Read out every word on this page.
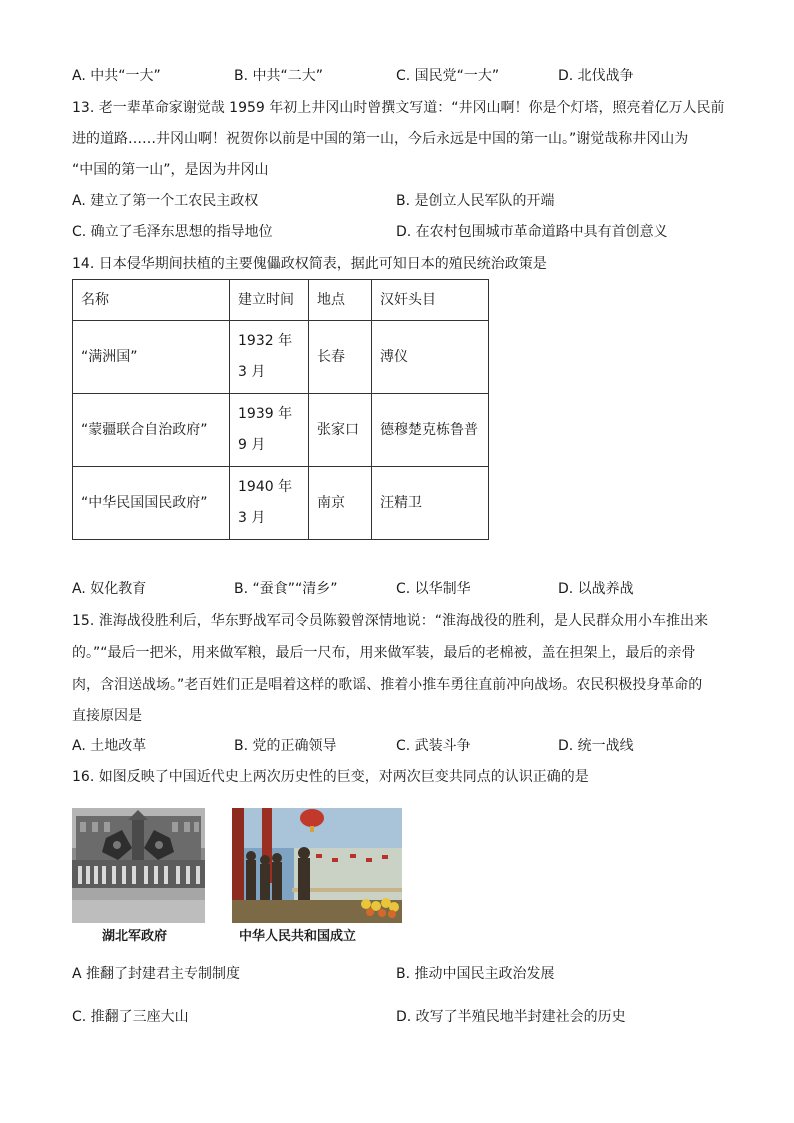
A. 中共“一大”	B. 中共“二大”	C. 国民党“一大”	D. 北伐战争
13. 老一辈革命家谢觉哉 1959 年初上井冈山时曾撰文写道：“井冈山啊！你是个灯塔，照亮着亿万人民前
进的道路……井冈山啊！祝贺你以前是中国的第一山，今后永远是中国的第一山。”谢觉哉称井冈山为
“中国的第一山”，是因为井冈山
A. 建立了第一个工农民主政权	B. 是创立人民军队的开端
C. 确立了毛泽东思想的指导地位	D. 在农村包围城市革命道路中具有首创意义
14. 日本侵华期间扶植的主要傀儡政权简表，据此可知日本的殖民统治政策是
名称	建立时间	地点	汉奸头目
“满洲国”	1932 年 3 月	长春	溥仪
“蒙疆联合自治政府”	1939 年 9 月	张家口	德穆楚克栋鲁普
“中华民国国民政府”	1940 年 3 月	南京	汪精卫
A. 奴化教育	B. “蚕食”“清乡”	C. 以华制华	D. 以战养战
15. 淮海战役胜利后，华东野战军司令员陈毅曾深情地说：“淮海战役的胜利，是人民群众用小车推出来
的。”“最后一把米，用来做军粮，最后一尺布，用来做军装，最后的老棉被，盖在担架上，最后的亲骨
肉，含泪送战场。”老百姓们正是唱着这样的歌谣、推着小推车勇往直前冲向战场。农民积极投身革命的
直接原因是
A. 土地改革	B. 党的正确领导	C. 武装斗争	D. 统一战线
16. 如图反映了中国近代史上两次历史性的巨变，对两次巨变共同点的认识正确的是
湖北军政府	中华人民共和国成立
A 推翻了封建君主专制制度	B. 推动中国民主政治发展
C. 推翻了三座大山	D. 改写了半殖民地半封建社会的历史
